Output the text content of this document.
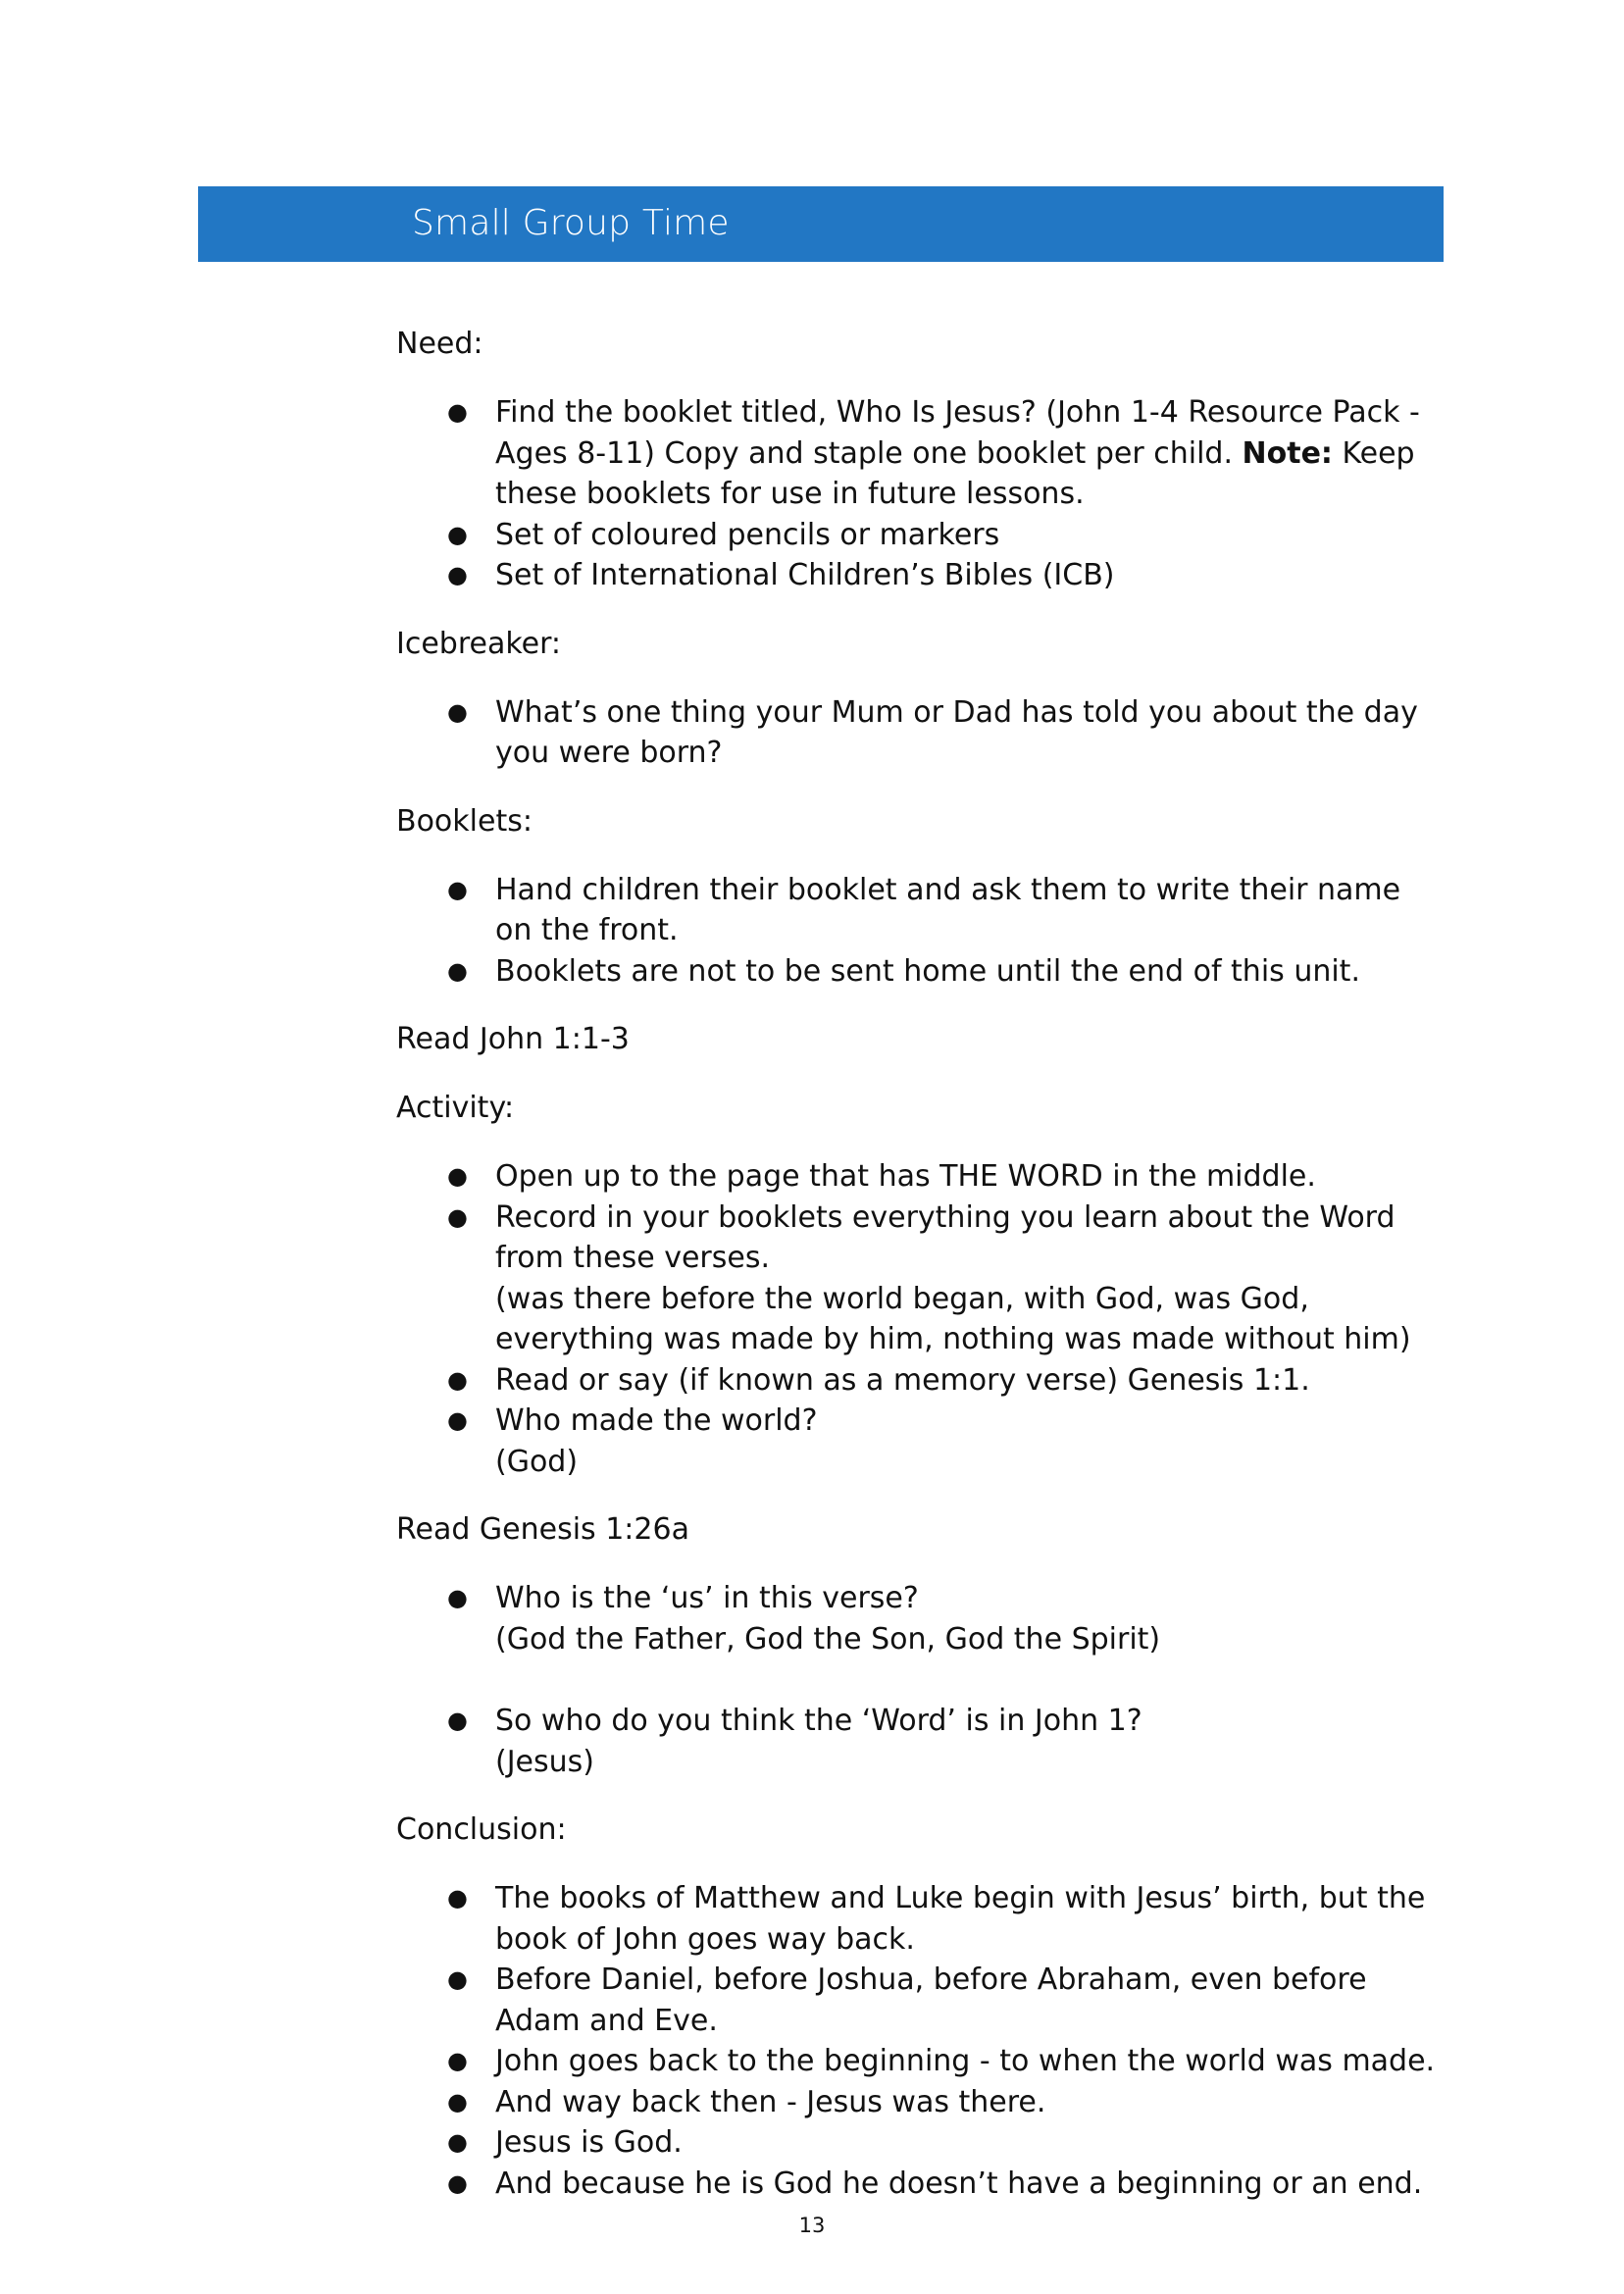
Small Group Time
Need:
● Find the booklet titled, Who Is Jesus? (John 1-4 Resource Pack - Ages 8-11) Copy and staple one booklet per child. Note: Keep these booklets for use in future lessons.
● Set of coloured pencils or markers
● Set of International Children’s Bibles (ICB)
Icebreaker:
● What’s one thing your Mum or Dad has told you about the day you were born?
Booklets:
● Hand children their booklet and ask them to write their name on the front.
● Booklets are not to be sent home until the end of this unit.
Read John 1:1-3
Activity:
● Open up to the page that has THE WORD in the middle.
● Record in your booklets everything you learn about the Word from these verses.
(was there before the world began, with God, was God, everything was made by him, nothing was made without him)
● Read or say (if known as a memory verse) Genesis 1:1.
● Who made the world?
(God)
Read Genesis 1:26a
● Who is the ‘us’ in this verse?
(God the Father, God the Son, God the Spirit)
● So who do you think the ‘Word’ is in John 1?
(Jesus)
Conclusion:
● The books of Matthew and Luke begin with Jesus’ birth, but the book of John goes way back.
● Before Daniel, before Joshua, before Abraham, even before Adam and Eve.
● John goes back to the beginning - to when the world was made.
● And way back then - Jesus was there.
● Jesus is God.
● And because he is God he doesn’t have a beginning or an end.
13
